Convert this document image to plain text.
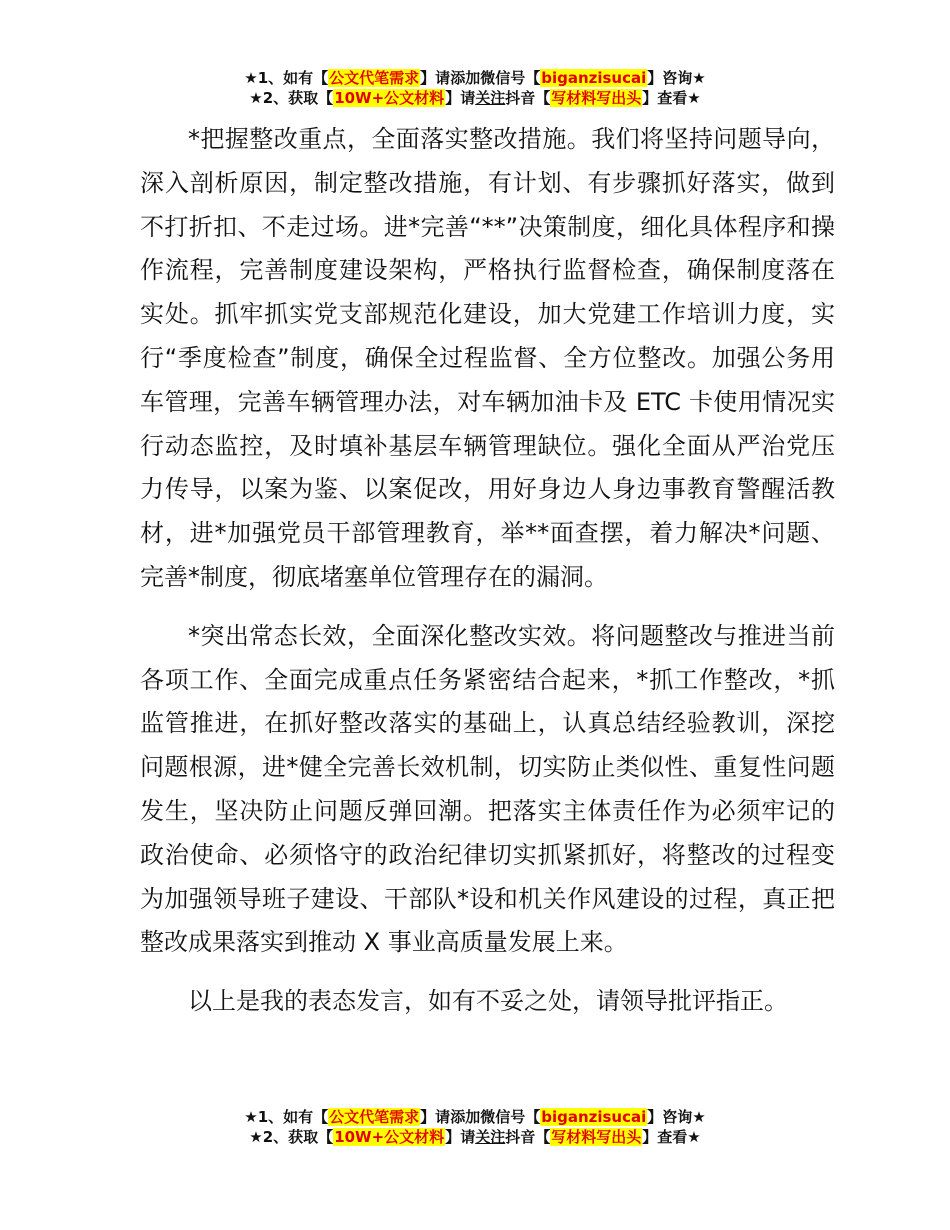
★1、如有【公文代笔需求】请添加微信号【biganzisucai】咨询★
★2、获取【10W+公文材料】请关注抖音【写材料写出头】查看★

*把握整改重点，全面落实整改措施。我们将坚持问题导向，深入剖析原因，制定整改措施，有计划、有步骤抓好落实，做到不打折扣、不走过场。进*完善“**”决策制度，细化具体程序和操作流程，完善制度建设架构，严格执行监督检查，确保制度落在实处。抓牢抓实党支部规范化建设，加大党建工作培训力度，实行“季度检查”制度，确保全过程监督、全方位整改。加强公务用车管理，完善车辆管理办法，对车辆加油卡及 ETC 卡使用情况实行动态监控，及时填补基层车辆管理缺位。强化全面从严治党压力传导，以案为鉴、以案促改，用好身边人身边事教育警醒活教材，进*加强党员干部管理教育，举**面查摆，着力解决*问题、完善*制度，彻底堵塞单位管理存在的漏洞。

*突出常态长效，全面深化整改实效。将问题整改与推进当前各项工作、全面完成重点任务紧密结合起来，*抓工作整改，*抓监管推进，在抓好整改落实的基础上，认真总结经验教训，深挖问题根源，进*健全完善长效机制，切实防止类似性、重复性问题发生，坚决防止问题反弹回潮。把落实主体责任作为必须牢记的政治使命、必须恪守的政治纪律切实抓紧抓好，将整改的过程变为加强领导班子建设、干部队*设和机关作风建设的过程，真正把整改成果落实到推动 X 事业高质量发展上来。

以上是我的表态发言，如有不妥之处，请领导批评指正。

★1、如有【公文代笔需求】请添加微信号【biganzisucai】咨询★
★2、获取【10W+公文材料】请关注抖音【写材料写出头】查看★
